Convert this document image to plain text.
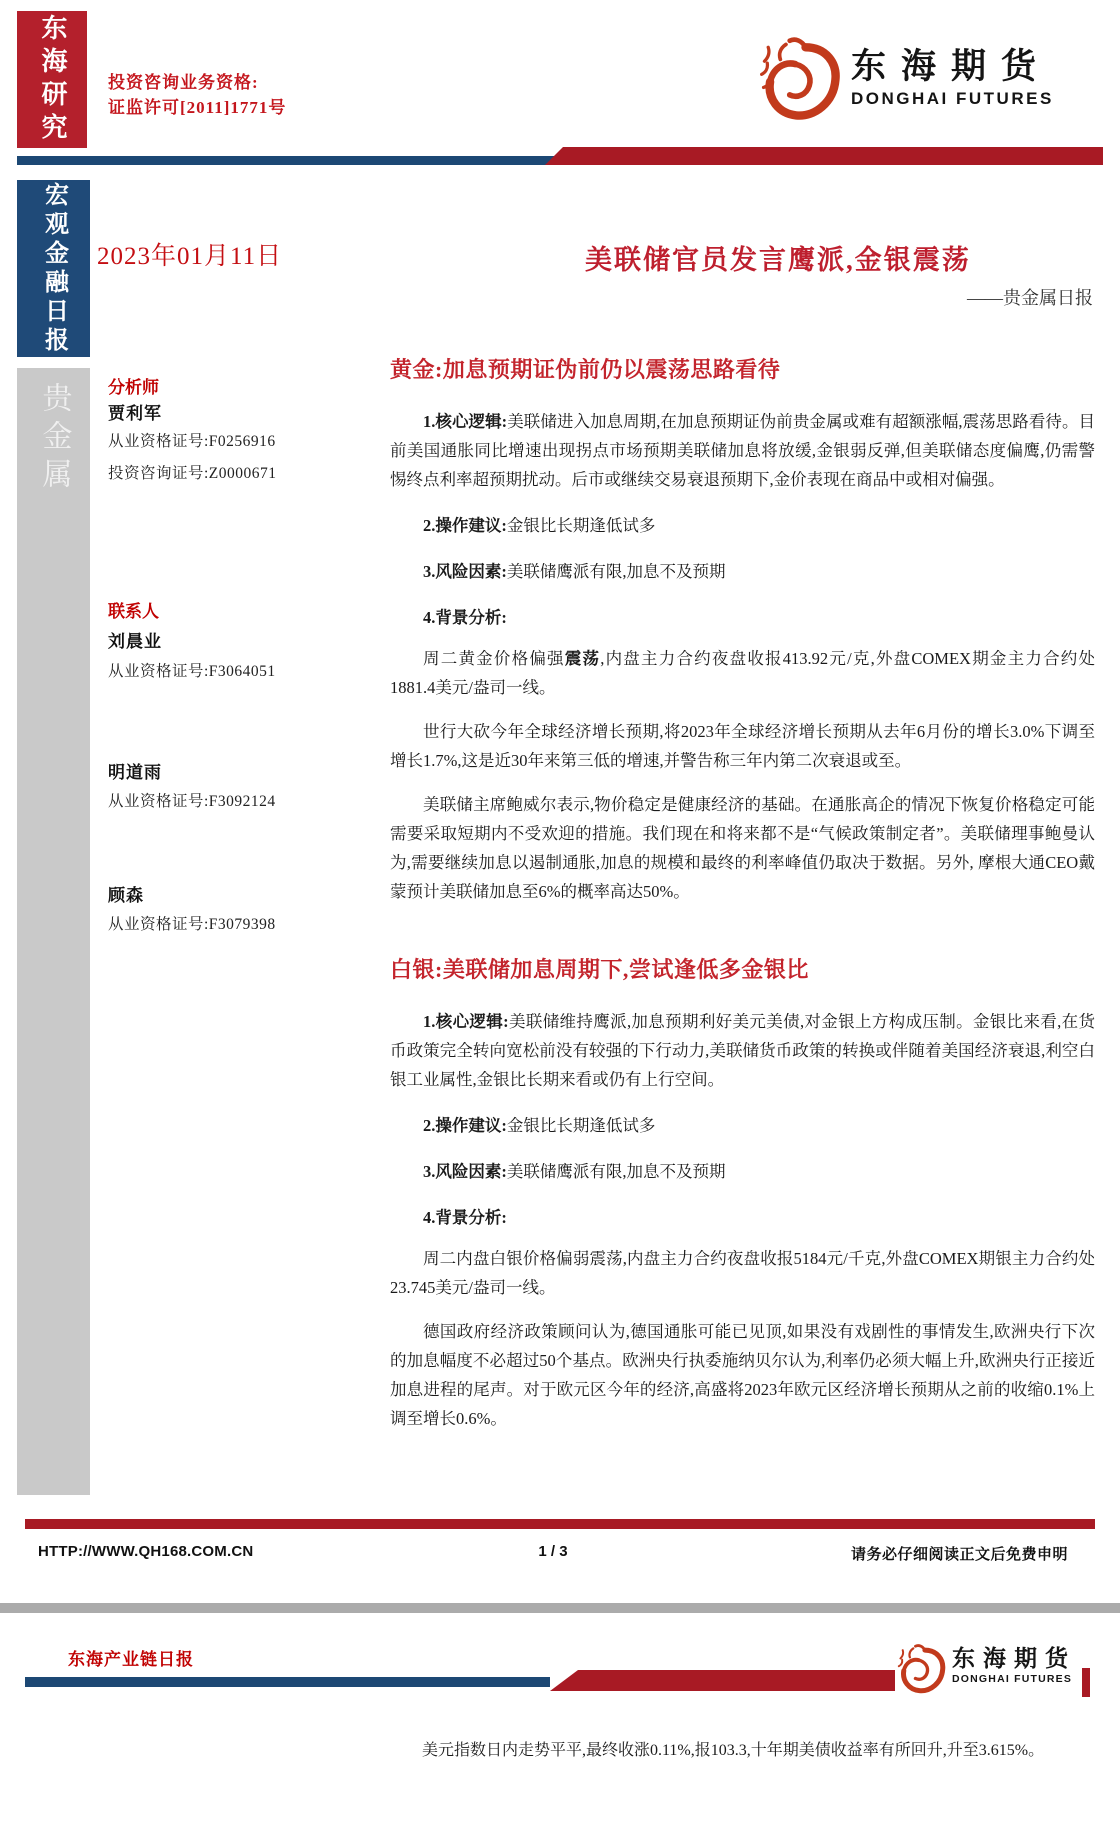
东海研究 投资咨询业务资格:
证监许可[2011]1771号
东海期货
DONGHAI FUTURES
宏观金融日报
贵金属
2023年01月11日	美联储官员发言鹰派,金银震荡
——贵金属日报
分析师
贾利军
从业资格证号:F0256916
投资咨询证号:Z0000671
联系人
刘晨业
从业资格证号:F3064051
明道雨
从业资格证号:F3092124
顾森
从业资格证号:F3079398
黄金:加息预期证伪前仍以震荡思路看待
1.核心逻辑:美联储进入加息周期,在加息预期证伪前贵金属或难有超额涨幅,震荡思路看待。目前美国通胀同比增速出现拐点市场预期美联储加息将放缓,金银弱反弹,但美联储态度偏鹰,仍需警惕终点利率超预期扰动。后市或继续交易衰退预期下,金价表现在商品中或相对偏强。
2.操作建议:金银比长期逢低试多
3.风险因素:美联储鹰派有限,加息不及预期
4.背景分析:
周二黄金价格偏强震荡,内盘主力合约夜盘收报413.92元/克,外盘COMEX期金主力合约处1881.4美元/盎司一线。
世行大砍今年全球经济增长预期,将2023年全球经济增长预期从去年6月份的增长3.0%下调至增长1.7%,这是近30年来第三低的增速,并警告称三年内第二次衰退或至。
美联储主席鲍威尔表示,物价稳定是健康经济的基础。在通胀高企的情况下恢复价格稳定可能需要采取短期内不受欢迎的措施。我们现在和将来都不是“气候政策制定者”。美联储理事鲍曼认为,需要继续加息以遏制通胀,加息的规模和最终的利率峰值仍取决于数据。另外, 摩根大通CEO戴蒙预计美联储加息至6%的概率高达50%。
白银:美联储加息周期下,尝试逢低多金银比
1.核心逻辑:美联储维持鹰派,加息预期利好美元美债,对金银上方构成压制。金银比来看,在货币政策完全转向宽松前没有较强的下行动力,美联储货币政策的转换或伴随着美国经济衰退,利空白银工业属性,金银比长期来看或仍有上行空间。
2.操作建议:金银比长期逢低试多
3.风险因素:美联储鹰派有限,加息不及预期
4.背景分析:
周二内盘白银价格偏弱震荡,内盘主力合约夜盘收报5184元/千克,外盘COMEX期银主力合约处23.745美元/盎司一线。
德国政府经济政策顾问认为,德国通胀可能已见顶,如果没有戏剧性的事情发生,欧洲央行下次的加息幅度不必超过50个基点。欧洲央行执委施纳贝尔认为,利率仍必须大幅上升,欧洲央行正接近加息进程的尾声。对于欧元区今年的经济,高盛将2023年欧元区经济增长预期从之前的收缩0.1%上调至增长0.6%。
HTTP://WWW.QH168.COM.CN	1 / 3	请务必仔细阅读正文后免费申明
东海产业链日报	东海期货
DONGHAI FUTURES
美元指数日内走势平平,最终收涨0.11%,报103.3,十年期美债收益率有所回升,升至3.615%。
